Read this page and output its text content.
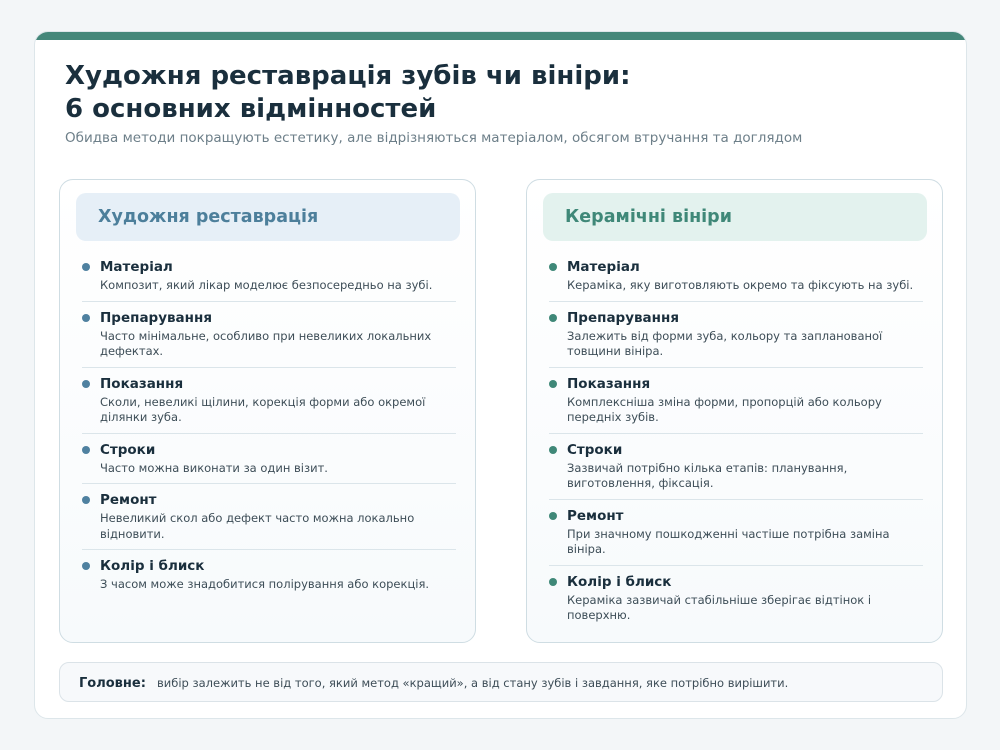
Художня реставрація зубів чи вініри:
6 основних відмінностей

Обидва методи покращують естетику, але відрізняються матеріалом, обсягом втручання та доглядом

Художня реставрація
Матеріал
Композит, який лікар моделює безпосередньо на зубі.
Препарування
Часто мінімальне, особливо при невеликих локальних дефектах.
Показання
Сколи, невеликі щілини, корекція форми або окремої ділянки зуба.
Строки
Часто можна виконати за один візит.
Ремонт
Невеликий скол або дефект часто можна локально відновити.
Колір і блиск
З часом може знадобитися полірування або корекція.
Керамічні вініри
Матеріал
Кераміка, яку виготовляють окремо та фіксують на зубі.
Препарування
Залежить від форми зуба, кольору та запланованої товщини вініра.
Показання
Комплексніша зміна форми, пропорцій або кольору передніх зубів.
Строки
Зазвичай потрібно кілька етапів: планування, виготовлення, фіксація.
Ремонт
При значному пошкодженні частіше потрібна заміна вініра.
Колір і блиск
Кераміка зазвичай стабільніше зберігає відтінок і поверхню.
Головне: вибір залежить не від того, який метод «кращий», а від стану зубів і завдання, яке потрібно вирішити.
